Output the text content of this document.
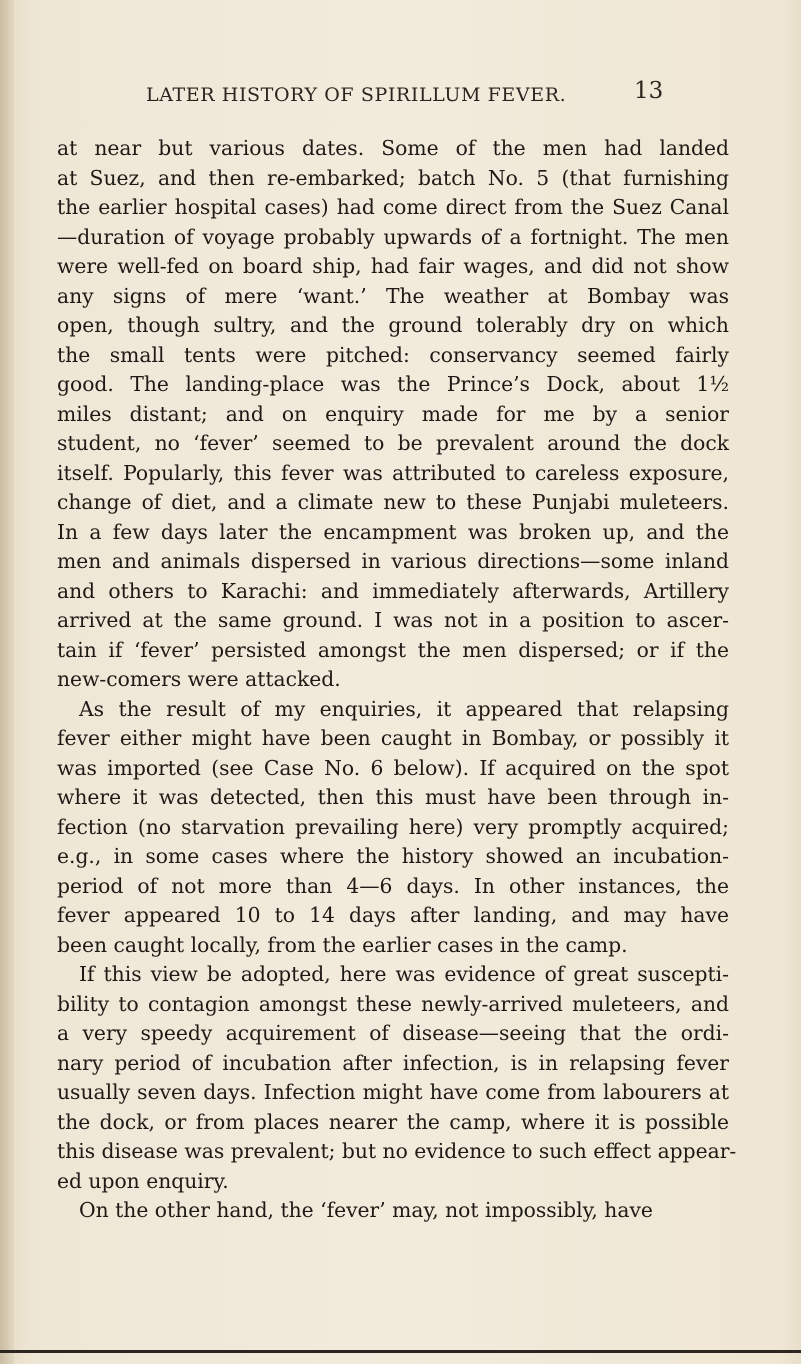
LATER HISTORY OF SPIRILLUM FEVER.	13
at near but various dates. Some of the men had landed
at Suez, and then re-embarked; batch No. 5 (that furnishing
the earlier hospital cases) had come direct from the Suez Canal
—duration of voyage probably upwards of a fortnight. The men
were well-fed on board ship, had fair wages, and did not show
any signs of mere ‘want.’ The weather at Bombay was
open, though sultry, and the ground tolerably dry on which
the small tents were pitched: conservancy seemed fairly
good. The landing-place was the Prince’s Dock, about 1½
miles distant; and on enquiry made for me by a senior
student, no ‘fever’ seemed to be prevalent around the dock
itself. Popularly, this fever was attributed to careless exposure,
change of diet, and a climate new to these Punjabi muleteers.
In a few days later the encampment was broken up, and the
men and animals dispersed in various directions—some inland
and others to Karachi: and immediately afterwards, Artillery
arrived at the same ground. I was not in a position to ascer-
tain if ‘fever’ persisted amongst the men dispersed; or if the
new-comers were attacked.
As the result of my enquiries, it appeared that relapsing
fever either might have been caught in Bombay, or possibly it
was imported (see Case No. 6 below). If acquired on the spot
where it was detected, then this must have been through in-
fection (no starvation prevailing here) very promptly acquired;
e.g., in some cases where the history showed an incubation-
period of not more than 4—6 days. In other instances, the
fever appeared 10 to 14 days after landing, and may have
been caught locally, from the earlier cases in the camp.
If this view be adopted, here was evidence of great suscepti-
bility to contagion amongst these newly-arrived muleteers, and
a very speedy acquirement of disease—seeing that the ordi-
nary period of incubation after infection, is in relapsing fever
usually seven days. Infection might have come from labourers at
the dock, or from places nearer the camp, where it is possible
this disease was prevalent; but no evidence to such effect appear-
ed upon enquiry.
On the other hand, the ‘fever’ may, not impossibly, have
